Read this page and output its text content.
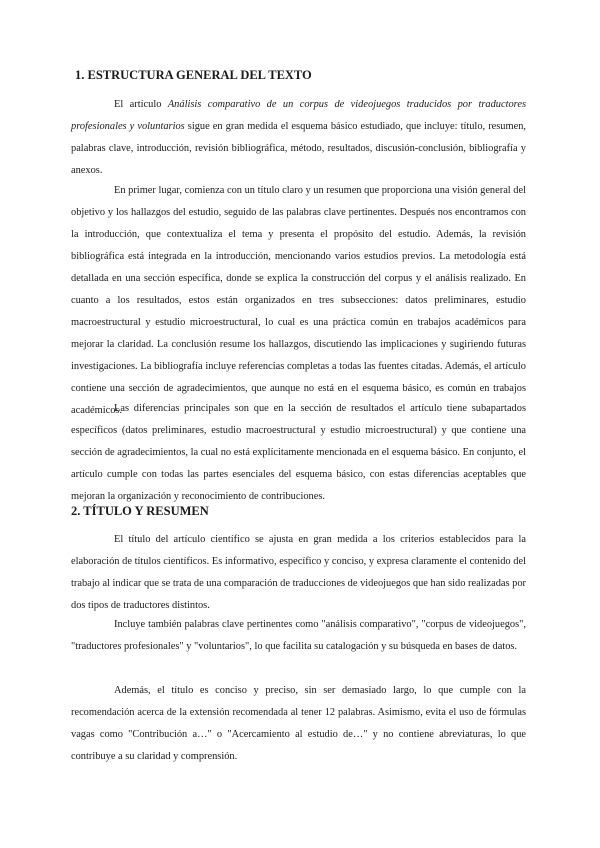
1. ESTRUCTURA GENERAL DEL TEXTO

El artículo Análisis comparativo de un corpus de videojuegos traducidos por traductores profesionales y voluntarios sigue en gran medida el esquema básico estudiado, que incluye: título, resumen, palabras clave, introducción, revisión bibliográfica, método, resultados, discusión-conclusión, bibliografía y anexos.

En primer lugar, comienza con un título claro y un resumen que proporciona una visión general del objetivo y los hallazgos del estudio, seguido de las palabras clave pertinentes. Después nos encontramos con la introducción, que contextualiza el tema y presenta el propósito del estudio. Además, la revisión bibliográfica está integrada en la introducción, mencionando varios estudios previos. La metodología está detallada en una sección específica, donde se explica la construcción del corpus y el análisis realizado. En cuanto a los resultados, estos están organizados en tres subsecciones: datos preliminares, estudio macroestructural y estudio microestructural, lo cual es una práctica común en trabajos académicos para mejorar la claridad. La conclusión resume los hallazgos, discutiendo las implicaciones y sugiriendo futuras investigaciones. La bibliografía incluye referencias completas a todas las fuentes citadas. Además, el artículo contiene una sección de agradecimientos, que aunque no está en el esquema básico, es común en trabajos académicos.

Las diferencias principales son que en la sección de resultados el artículo tiene subapartados específicos (datos preliminares, estudio macroestructural y estudio microestructural) y que contiene una sección de agradecimientos, la cual no está explícitamente mencionada en el esquema básico. En conjunto, el artículo cumple con todas las partes esenciales del esquema básico, con estas diferencias aceptables que mejoran la organización y reconocimiento de contribuciones.

2. TÍTULO Y RESUMEN

El título del artículo científico se ajusta en gran medida a los criterios establecidos para la elaboración de títulos científicos. Es informativo, específico y conciso, y expresa claramente el contenido del trabajo al indicar que se trata de una comparación de traducciones de videojuegos que han sido realizadas por dos tipos de traductores distintos.

Incluye también palabras clave pertinentes como "análisis comparativo", "corpus de videojuegos", "traductores profesionales" y "voluntarios", lo que facilita su catalogación y su búsqueda en bases de datos.

Además, el título es conciso y preciso, sin ser demasiado largo, lo que cumple con la recomendación acerca de la extensión recomendada al tener 12 palabras. Asimismo, evita el uso de fórmulas vagas como "Contribución a…" o "Acercamiento al estudio de…" y no contiene abreviaturas, lo que contribuye a su claridad y comprensión.
